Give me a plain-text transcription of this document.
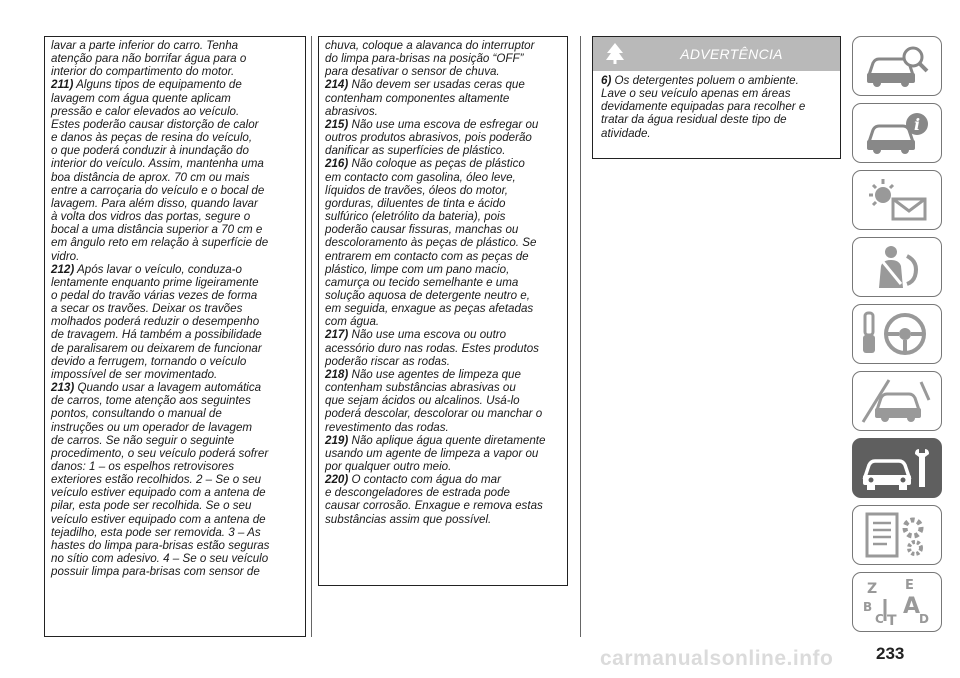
lavar a parte inferior do carro. Tenha
atenção para não borrifar água para o
interior do compartimento do motor.

211) Alguns tipos de equipamento de
lavagem com água quente aplicam
pressão e calor elevados ao veículo.
Estes poderão causar distorção de calor
e danos às peças de resina do veículo,
o que poderá conduzir à inundação do
interior do veículo. Assim, mantenha uma
boa distância de aprox. 70 cm ou mais
entre a carroçaria do veículo e o bocal de
lavagem. Para além disso, quando lavar
à volta dos vidros das portas, segure o
bocal a uma distância superior a 70 cm e
em ângulo reto em relação à superfície de
vidro.

212) Após lavar o veículo, conduza-o
lentamente enquanto prime ligeiramente
o pedal do travão várias vezes de forma
a secar os travões. Deixar os travões
molhados poderá reduzir o desempenho
de travagem. Há também a possibilidade
de paralisarem ou deixarem de funcionar
devido a ferrugem, tornando o veículo
impossível de ser movimentado.

213) Quando usar a lavagem automática
de carros, tome atenção aos seguintes
pontos, consultando o manual de
instruções ou um operador de lavagem
de carros. Se não seguir o seguinte
procedimento, o seu veículo poderá sofrer
danos: 1 – os espelhos retrovisores
exteriores estão recolhidos. 2 – Se o seu
veículo estiver equipado com a antena de
pilar, esta pode ser recolhida. Se o seu
veículo estiver equipado com a antena de
tejadilho, esta pode ser removida. 3 – As
hastes do limpa para-brisas estão seguras
no sítio com adesivo. 4 – Se o seu veículo
possuir limpa para-brisas com sensor de

chuva, coloque a alavanca do interruptor
do limpa para-brisas na posição “OFF”
para desativar o sensor de chuva.

214) Não devem ser usadas ceras que
contenham componentes altamente
abrasivos.

215) Não use uma escova de esfregar ou
outros produtos abrasivos, pois poderão
danificar as superfícies de plástico.

216) Não coloque as peças de plástico
em contacto com gasolina, óleo leve,
líquidos de travões, óleos do motor,
gorduras, diluentes de tinta e ácido
sulfúrico (eletrólito da bateria), pois
poderão causar fissuras, manchas ou
descoloramento às peças de plástico. Se
entrarem em contacto com as peças de
plástico, limpe com um pano macio,
camurça ou tecido semelhante e uma
solução aquosa de detergente neutro e,
em seguida, enxague as peças afetadas
com água.

217) Não use uma escova ou outro
acessório duro nas rodas. Estes produtos
poderão riscar as rodas.

218) Não use agentes de limpeza que
contenham substâncias abrasivas ou
que sejam ácidos ou alcalinos. Usá-lo
poderá descolar, descolorar ou manchar o
revestimento das rodas.

219) Não aplique água quente diretamente
usando um agente de limpeza a vapor ou
por qualquer outro meio.

220) O contacto com água do mar
e descongeladores de estrada pode
causar corrosão. Enxague e remova estas
substâncias assim que possível.

ADVERTÊNCIA

6) Os detergentes poluem o ambiente.
Lave o seu veículo apenas em áreas
devidamente equipadas para recolher e
tratar da água residual deste tipo de
atividade.	i
Z E
B A
C T D
carmanualsonline.info	233
